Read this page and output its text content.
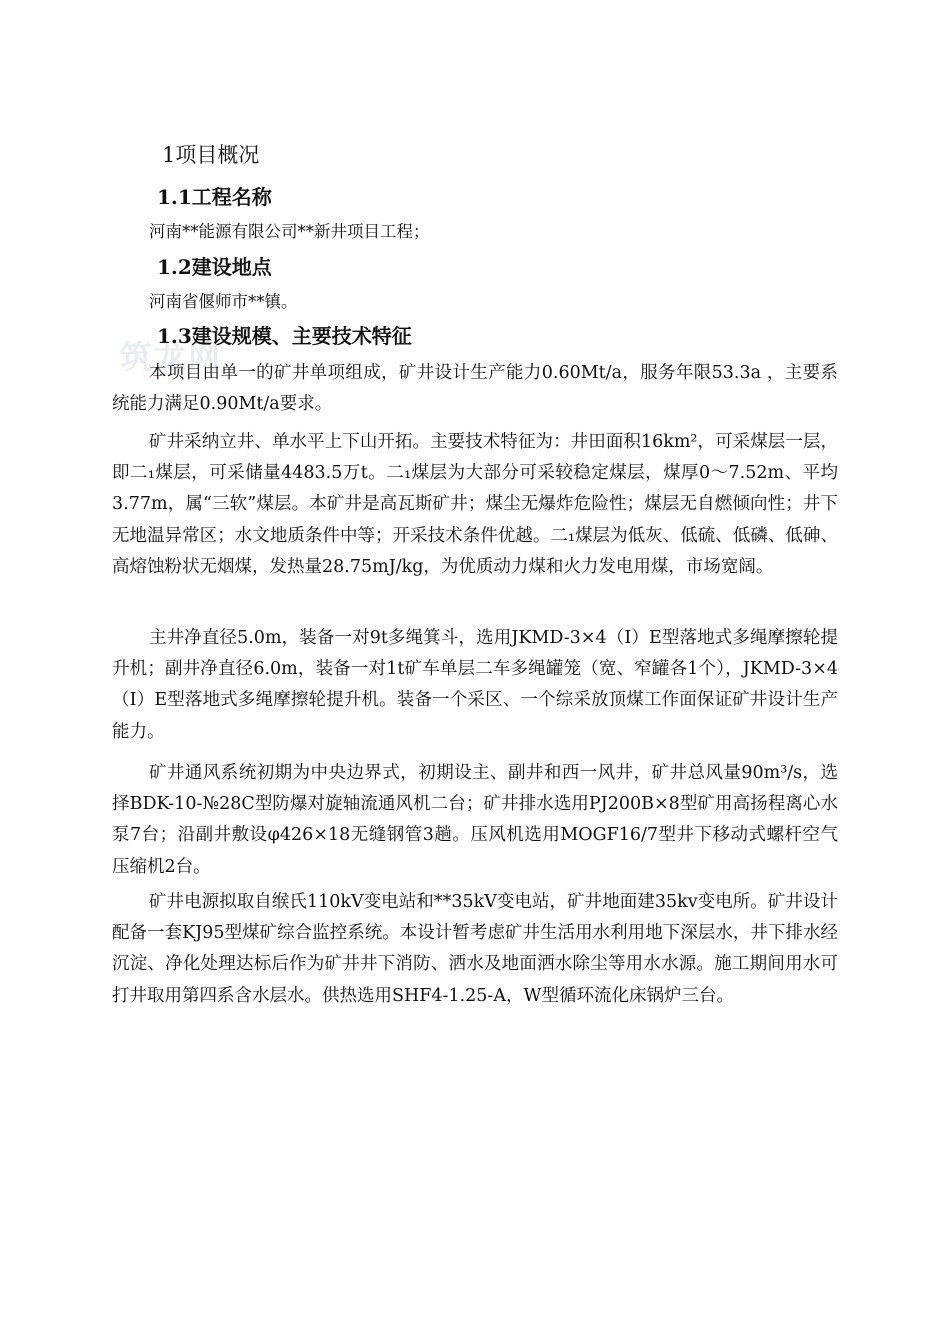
筑龙网
1项目概况
1.1工程名称
河南**能源有限公司**新井项目工程；
1.2建设地点
河南省偃师市**镇。
1.3建设规模、主要技术特征

本项目由单一的矿井单项组成，矿井设计生产能力0.60Mt/a，服务年限53.3a ，主要系统能力满足0.90Mt/a要求。

矿井采纳立井、单水平上下山开拓。主要技术特征为：井田面积16km²，可采煤层一层，即二₁煤层，可采储量4483.5万t。二₁煤层为大部分可采较稳定煤层，煤厚0～7.52m、平均3.77m，属“三软”煤层。本矿井是高瓦斯矿井；煤尘无爆炸危险性；煤层无自燃倾向性；井下无地温异常区；水文地质条件中等；开采技术条件优越。二₁煤层为低灰、低硫、低磷、低砷、高熔蚀粉状无烟煤，发热量28.75mJ/kg，为优质动力煤和火力发电用煤，市场宽阔。

主井净直径5.0m，装备一对9t多绳箕斗，选用JKMD-3×4（I）E型落地式多绳摩擦轮提升机；副井净直径6.0m，装备一对1t矿车单层二车多绳罐笼（宽、窄罐各1个），JKMD-3×4（I）E型落地式多绳摩擦轮提升机。装备一个采区、一个综采放顶煤工作面保证矿井设计生产能力。

矿井通风系统初期为中央边界式，初期设主、副井和西一风井，矿井总风量90m³/s，选择BDK-10-№28C型防爆对旋轴流通风机二台；矿井排水选用PJ200B×8型矿用高扬程离心水泵7台；沿副井敷设φ426×18无缝钢管3趟。压风机选用MOGF16/7型井下移动式螺杆空气压缩机2台。

矿井电源拟取自缑氏110kV变电站和**35kV变电站，矿井地面建35kv变电所。矿井设计配备一套KJ95型煤矿综合监控系统。本设计暂考虑矿井生活用水利用地下深层水，井下排水经沉淀、净化处理达标后作为矿井井下消防、洒水及地面洒水除尘等用水水源。施工期间用水可打井取用第四系含水层水。供热选用SHF4-1.25-A，W型循环流化床锅炉三台。
